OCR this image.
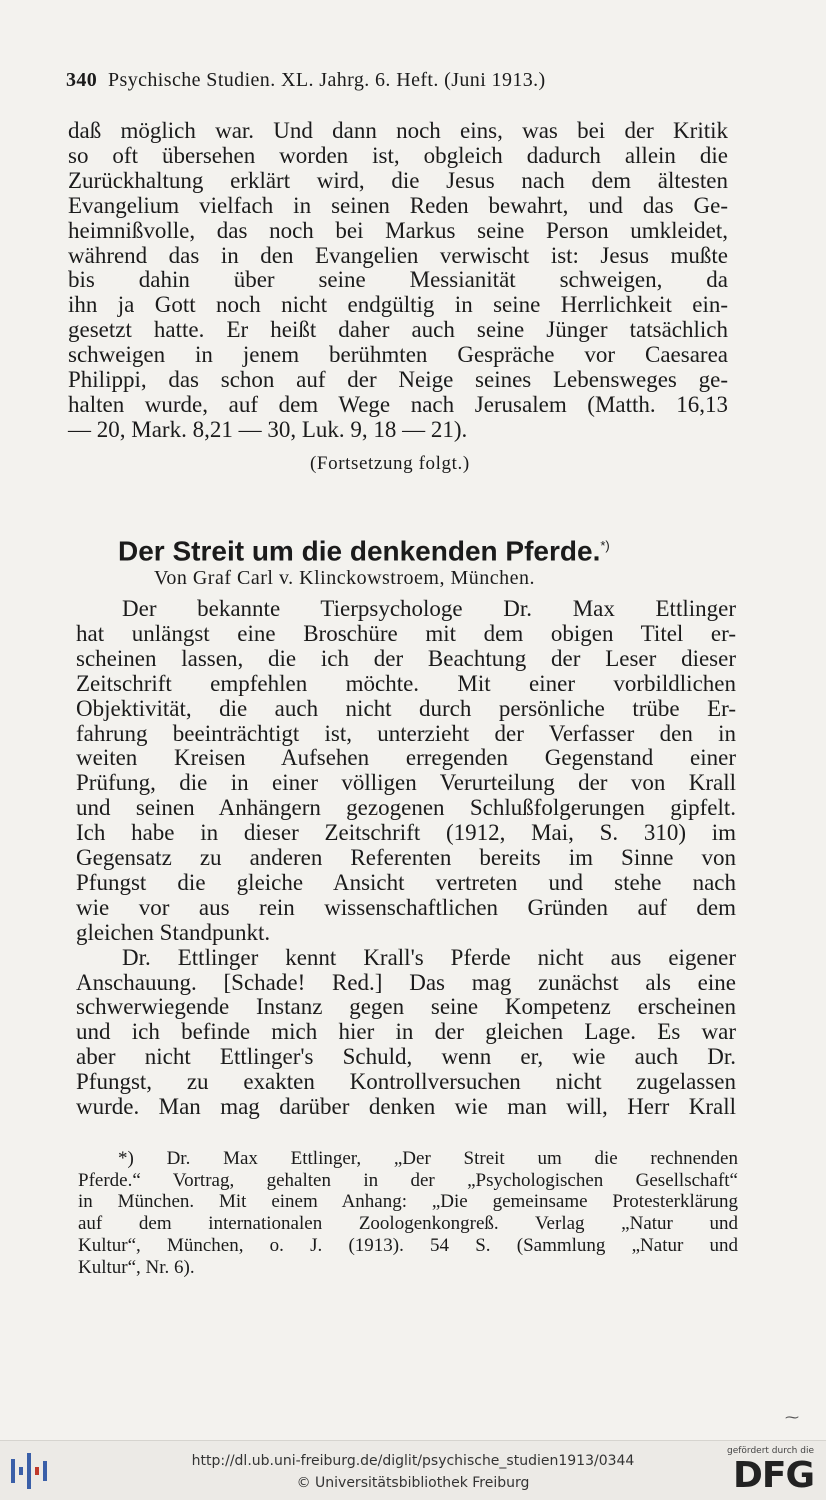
340 Psychische Studien. XL. Jahrg. 6. Heft. (Juni 1913.)
daß möglich war. Und dann noch eins, was bei der Kritik
so oft übersehen worden ist, obgleich dadurch allein die
Zurückhaltung erklärt wird, die Jesus nach dem ältesten
Evangelium vielfach in seinen Reden bewahrt, und das Ge-
heimnißvolle, das noch bei Markus seine Person umkleidet,
während das in den Evangelien verwischt ist: Jesus mußte
bis dahin über seine Messianität schweigen, da
ihn ja Gott noch nicht endgültig in seine Herrlichkeit ein-
gesetzt hatte. Er heißt daher auch seine Jünger tatsächlich
schweigen in jenem berühmten Gespräche vor Caesarea
Philippi, das schon auf der Neige seines Lebensweges ge-
halten wurde, auf dem Wege nach Jerusalem (Matth. 16,13
— 20, Mark. 8,21 — 30, Luk. 9, 18 — 21).
(Fortsetzung folgt.)
Der Streit um die denkenden Pferde.*)
Von Graf Carl v. Klinckowstroem, München.
Der bekannte Tierpsychologe Dr. Max Ettlinger
hat unlängst eine Broschüre mit dem obigen Titel er-
scheinen lassen, die ich der Beachtung der Leser dieser
Zeitschrift empfehlen möchte. Mit einer vorbildlichen
Objektivität, die auch nicht durch persönliche trübe Er-
fahrung beeinträchtigt ist, unterzieht der Verfasser den in
weiten Kreisen Aufsehen erregenden Gegenstand einer
Prüfung, die in einer völligen Verurteilung der von Krall
und seinen Anhängern gezogenen Schlußfolgerungen gipfelt.
Ich habe in dieser Zeitschrift (1912, Mai, S. 310) im
Gegensatz zu anderen Referenten bereits im Sinne von
Pfungst die gleiche Ansicht vertreten und stehe nach
wie vor aus rein wissenschaftlichen Gründen auf dem
gleichen Standpunkt.
Dr. Ettlinger kennt Krall's Pferde nicht aus eigener
Anschauung. [Schade! Red.] Das mag zunächst als eine
schwerwiegende Instanz gegen seine Kompetenz erscheinen
und ich befinde mich hier in der gleichen Lage. Es war
aber nicht Ettlinger's Schuld, wenn er, wie auch Dr.
Pfungst, zu exakten Kontrollversuchen nicht zugelassen
wurde. Man mag darüber denken wie man will, Herr Krall
*) Dr. Max Ettlinger, „Der Streit um die rechnenden
Pferde.“ Vortrag, gehalten in der „Psychologischen Gesellschaft“
in München. Mit einem Anhang: „Die gemeinsame Protesterklärung
auf dem internationalen Zoologenkongreß. Verlag „Natur und
Kultur“, München, o. J. (1913). 54 S. (Sammlung „Natur und
Kultur“, Nr. 6).
⁓
http://dl.ub.uni-freiburg.de/diglit/psychische_studien1913/0344
© Universitätsbibliothek Freiburg
gefördert durch die
DFG
